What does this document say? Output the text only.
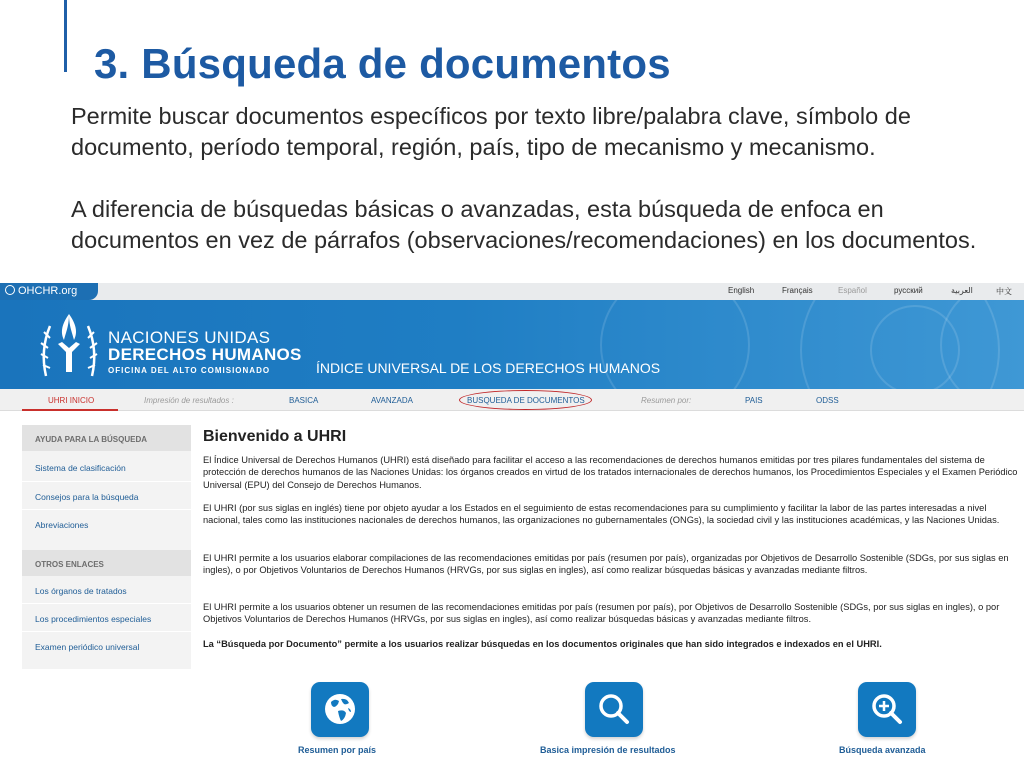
3. Búsqueda de documentos

Permite buscar documentos específicos por texto libre/palabra clave, símbolo de documento, período temporal, región, país, tipo de mecanismo y mecanismo.

A diferencia de búsquedas básicas o avanzadas, esta búsqueda de enfoca en documentos en vez de párrafos (observaciones/recomendaciones) en los documentos.

OHCHR.org	English	Français	Español	русский	العربية	中文
NACIONES UNIDAS
DERECHOS HUMANOS
OFICINA DEL ALTO COMISIONADO	ÍNDICE UNIVERSAL DE LOS DERECHOS HUMANOS
UHRI INICIO	Impresión de resultados :	BASICA	AVANZADA	BUSQUEDA DE DOCUMENTOS	Resumen por:	PAIS	ODSS
AYUDA PARA LA BÚSQUEDA
Sistema de clasificación
Consejos para la búsqueda
Abreviaciones
OTROS ENLACES
Los órganos de tratados
Los procedimientos especiales
Examen periódico universal
Bienvenido a UHRI

El Índice Universal de Derechos Humanos (UHRI) está diseñado para facilitar el acceso a las recomendaciones de derechos humanos emitidas por tres pilares fundamentales del sistema de protección de derechos humanos de las Naciones Unidas: los órganos creados en virtud de los tratados internacionales de derechos humanos, los Procedimientos Especiales y el Examen Periódico Universal (EPU) del Consejo de Derechos Humanos.

El UHRI (por sus siglas en inglés) tiene por objeto ayudar a los Estados en el seguimiento de estas recomendaciones para su cumplimiento y facilitar la labor de las partes interesadas a nivel nacional, tales como las instituciones nacionales de derechos humanos, las organizaciones no gubernamentales (ONGs), la sociedad civil y las instituciones académicas, y las Naciones Unidas.

El UHRI permite a los usuarios elaborar compilaciones de las recomendaciones emitidas por país (resumen por país), organizadas por Objetivos de Desarrollo Sostenible (SDGs, por sus siglas en ingles), o por Objetivos Voluntarios de Derechos Humanos (HRVGs, por sus siglas en ingles), así como realizar búsquedas básicas y avanzadas mediante filtros.

El UHRI permite a los usuarios obtener un resumen de las recomendaciones emitidas por país (resumen por país), por Objetivos de Desarrollo Sostenible (SDGs, por sus siglas en ingles), o por Objetivos Voluntarios de Derechos Humanos (HRVGs, por sus siglas en ingles), así como realizar búsquedas básicas y avanzadas mediante filtros.

La “Búsqueda por Documento” permite a los usuarios realizar búsquedas en los documentos originales que han sido integrados e indexados en el UHRI.

Resumen por país	Basica impresión de resultados	Búsqueda avanzada
